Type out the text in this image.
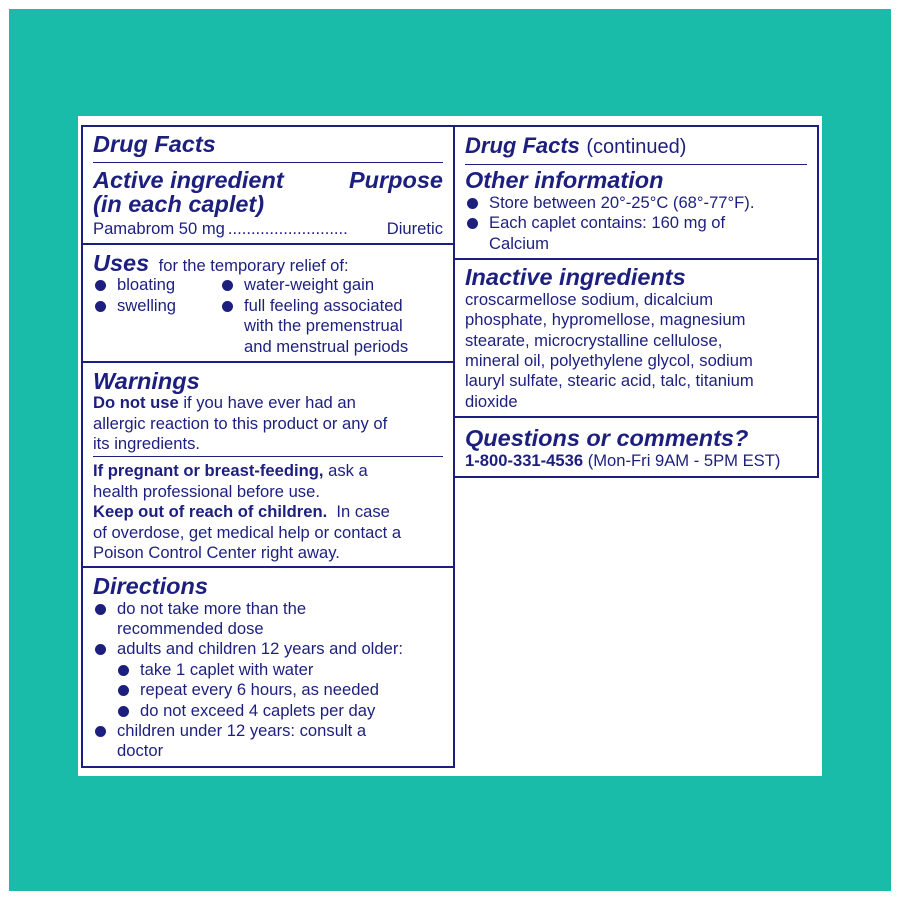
Drug Facts
Active ingredient	Purpose
(in each caplet)
Pamabrom 50 mg ..........................	Diuretic
Uses for the temporary relief of:
bloating
swelling
water-weight gain
full feeling associated
with the premenstrual
and menstrual periods
Warnings
Do not use if you have ever had an
allergic reaction to this product or any of
its ingredients.
If pregnant or breast-feeding, ask a
health professional before use.
Keep out of reach of children.  In case
of overdose, get medical help or contact a
Poison Control Center right away.
Directions
do not take more than the
recommended dose
adults and children 12 years and older:
take 1 caplet with water
repeat every 6 hours, as needed
do not exceed 4 caplets per day
children under 12 years: consult a
doctor
Drug Facts (continued)
Other information
Store between 20°-25°C (68°-77°F).
Each caplet contains: 160 mg of
Calcium
Inactive ingredients
croscarmellose sodium, dicalcium
phosphate, hypromellose, magnesium
stearate, microcrystalline cellulose,
mineral oil, polyethylene glycol, sodium
lauryl sulfate, stearic acid, talc, titanium
dioxide
Questions or comments?
1-800-331-4536 (Mon-Fri 9AM - 5PM EST)
